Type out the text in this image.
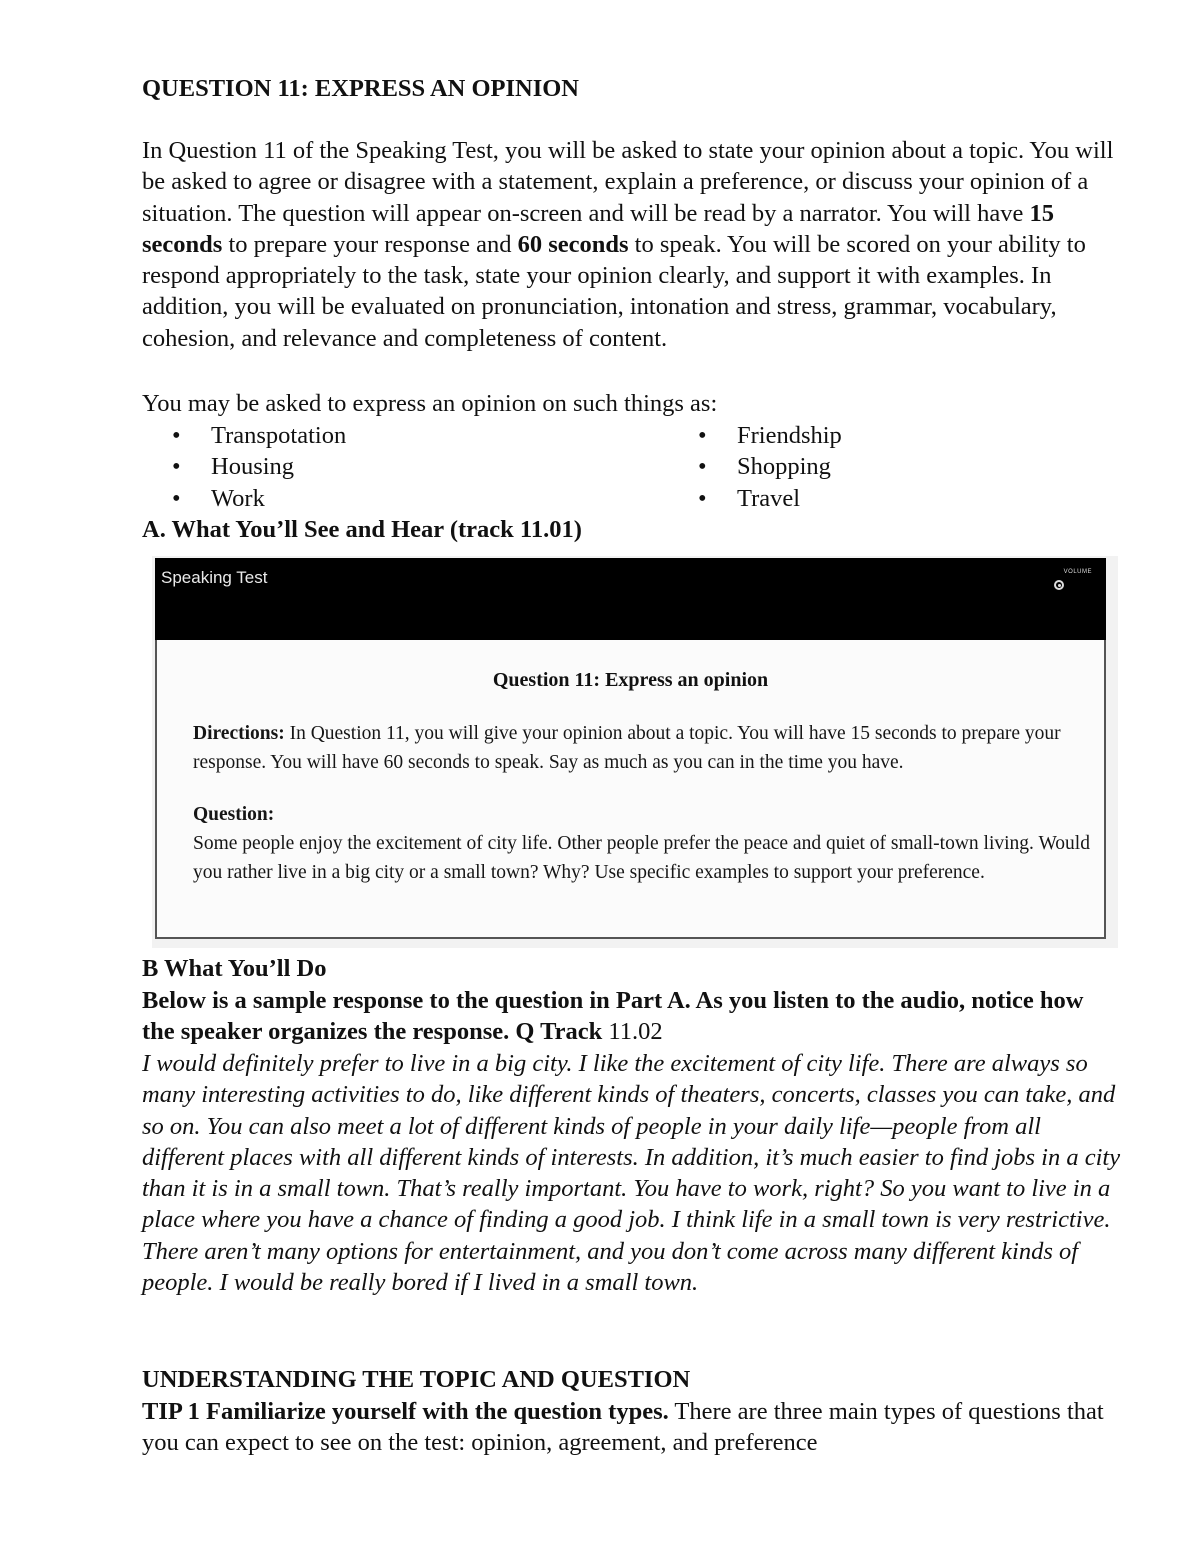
QUESTION 11: EXPRESS AN OPINION

In Question 11 of the Speaking Test, you will be asked to state your opinion about a topic. You will be asked to agree or disagree with a statement, explain a preference, or discuss your opinion of a situation. The question will appear on-screen and will be read by a narrator. You will have 15 seconds to prepare your response and 60 seconds to speak. You will be scored on your ability to respond appropriately to the task, state your opinion clearly, and support it with examples. In addition, you will be evaluated on pronunciation, intonation and stress, grammar, vocabulary, cohesion, and relevance and completeness of content.

You may be asked to express an opinion on such things as:

• Transpotation
• Housing
• Work
• Friendship
• Shopping
• Travel

A. What You’ll See and Hear (track 11.01)

Speaking Test	VOLUME
Question 11: Express an opinion
Directions: In Question 11, you will give your opinion about a topic. You will have 15 seconds to prepare your response. You will have 60 seconds to speak. Say as much as you can in the time you have.
Question:
Some people enjoy the excitement of city life. Other people prefer the peace and quiet of small-town living. Would you rather live in a big city or a small town? Why? Use specific examples to support your preference.

B What You’ll Do

Below is a sample response to the question in Part A. As you listen to the audio, notice how the speaker organizes the response. Q Track 11.02

I would definitely prefer to live in a big city. I like the excitement of city life. There are always so many interesting activities to do, like different kinds of theaters, concerts, classes you can take, and so on. You can also meet a lot of different kinds of people in your daily life—people from all different places with all different kinds of interests. In addition, it’s much easier to find jobs in a city than it is in a small town. That’s really important. You have to work, right? So you want to live in a place where you have a chance of finding a good job. I think life in a small town is very restrictive. There aren’t many options for entertainment, and you don’t come across many different kinds of people. I would be really bored if I lived in a small town.

UNDERSTANDING THE TOPIC AND QUESTION

TIP 1 Familiarize yourself with the question types. There are three main types of questions that you can expect to see on the test: opinion, agreement, and preference
